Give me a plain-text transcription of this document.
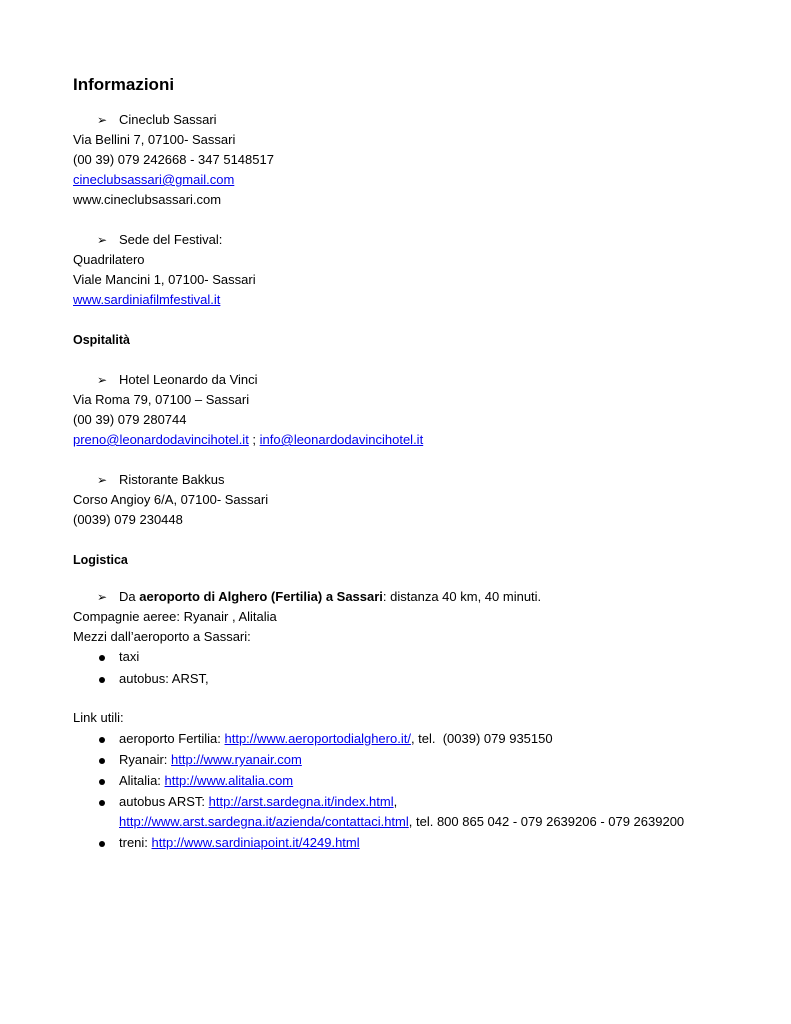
Informazioni
➢ Cineclub Sassari
Via Bellini 7, 07100- Sassari
(00 39) 079 242668 - 347 5148517
cineclubsassari@gmail.com
www.cineclubsassari.com
➢ Sede del Festival:
Quadrilatero
Viale Mancini 1, 07100- Sassari
www.sardiniafilmfestival.it
Ospitalità
➢ Hotel Leonardo da Vinci
Via Roma 79, 07100 – Sassari
(00 39) 079 280744
preno@leonardodavincihotel.it ; info@leonardodavincihotel.it
➢ Ristorante Bakkus
Corso Angioy 6/A, 07100- Sassari
(0039) 079 230448
Logistica
➢ Da aeroporto di Alghero (Fertilia) a Sassari: distanza 40 km, 40 minuti.
Compagnie aeree: Ryanair , Alitalia
Mezzi dall’aeroporto a Sassari:
taxi
autobus: ARST,
Link utili:
aeroporto Fertilia: http://www.aeroportodialghero.it/, tel.  (0039) 079 935150
Ryanair: http://www.ryanair.com
Alitalia: http://www.alitalia.com
autobus ARST: http://arst.sardegna.it/index.html,
http://www.arst.sardegna.it/azienda/contattaci.html, tel. 800 865 042 - 079 2639206 - 079 2639200
treni: http://www.sardiniapoint.it/4249.html
